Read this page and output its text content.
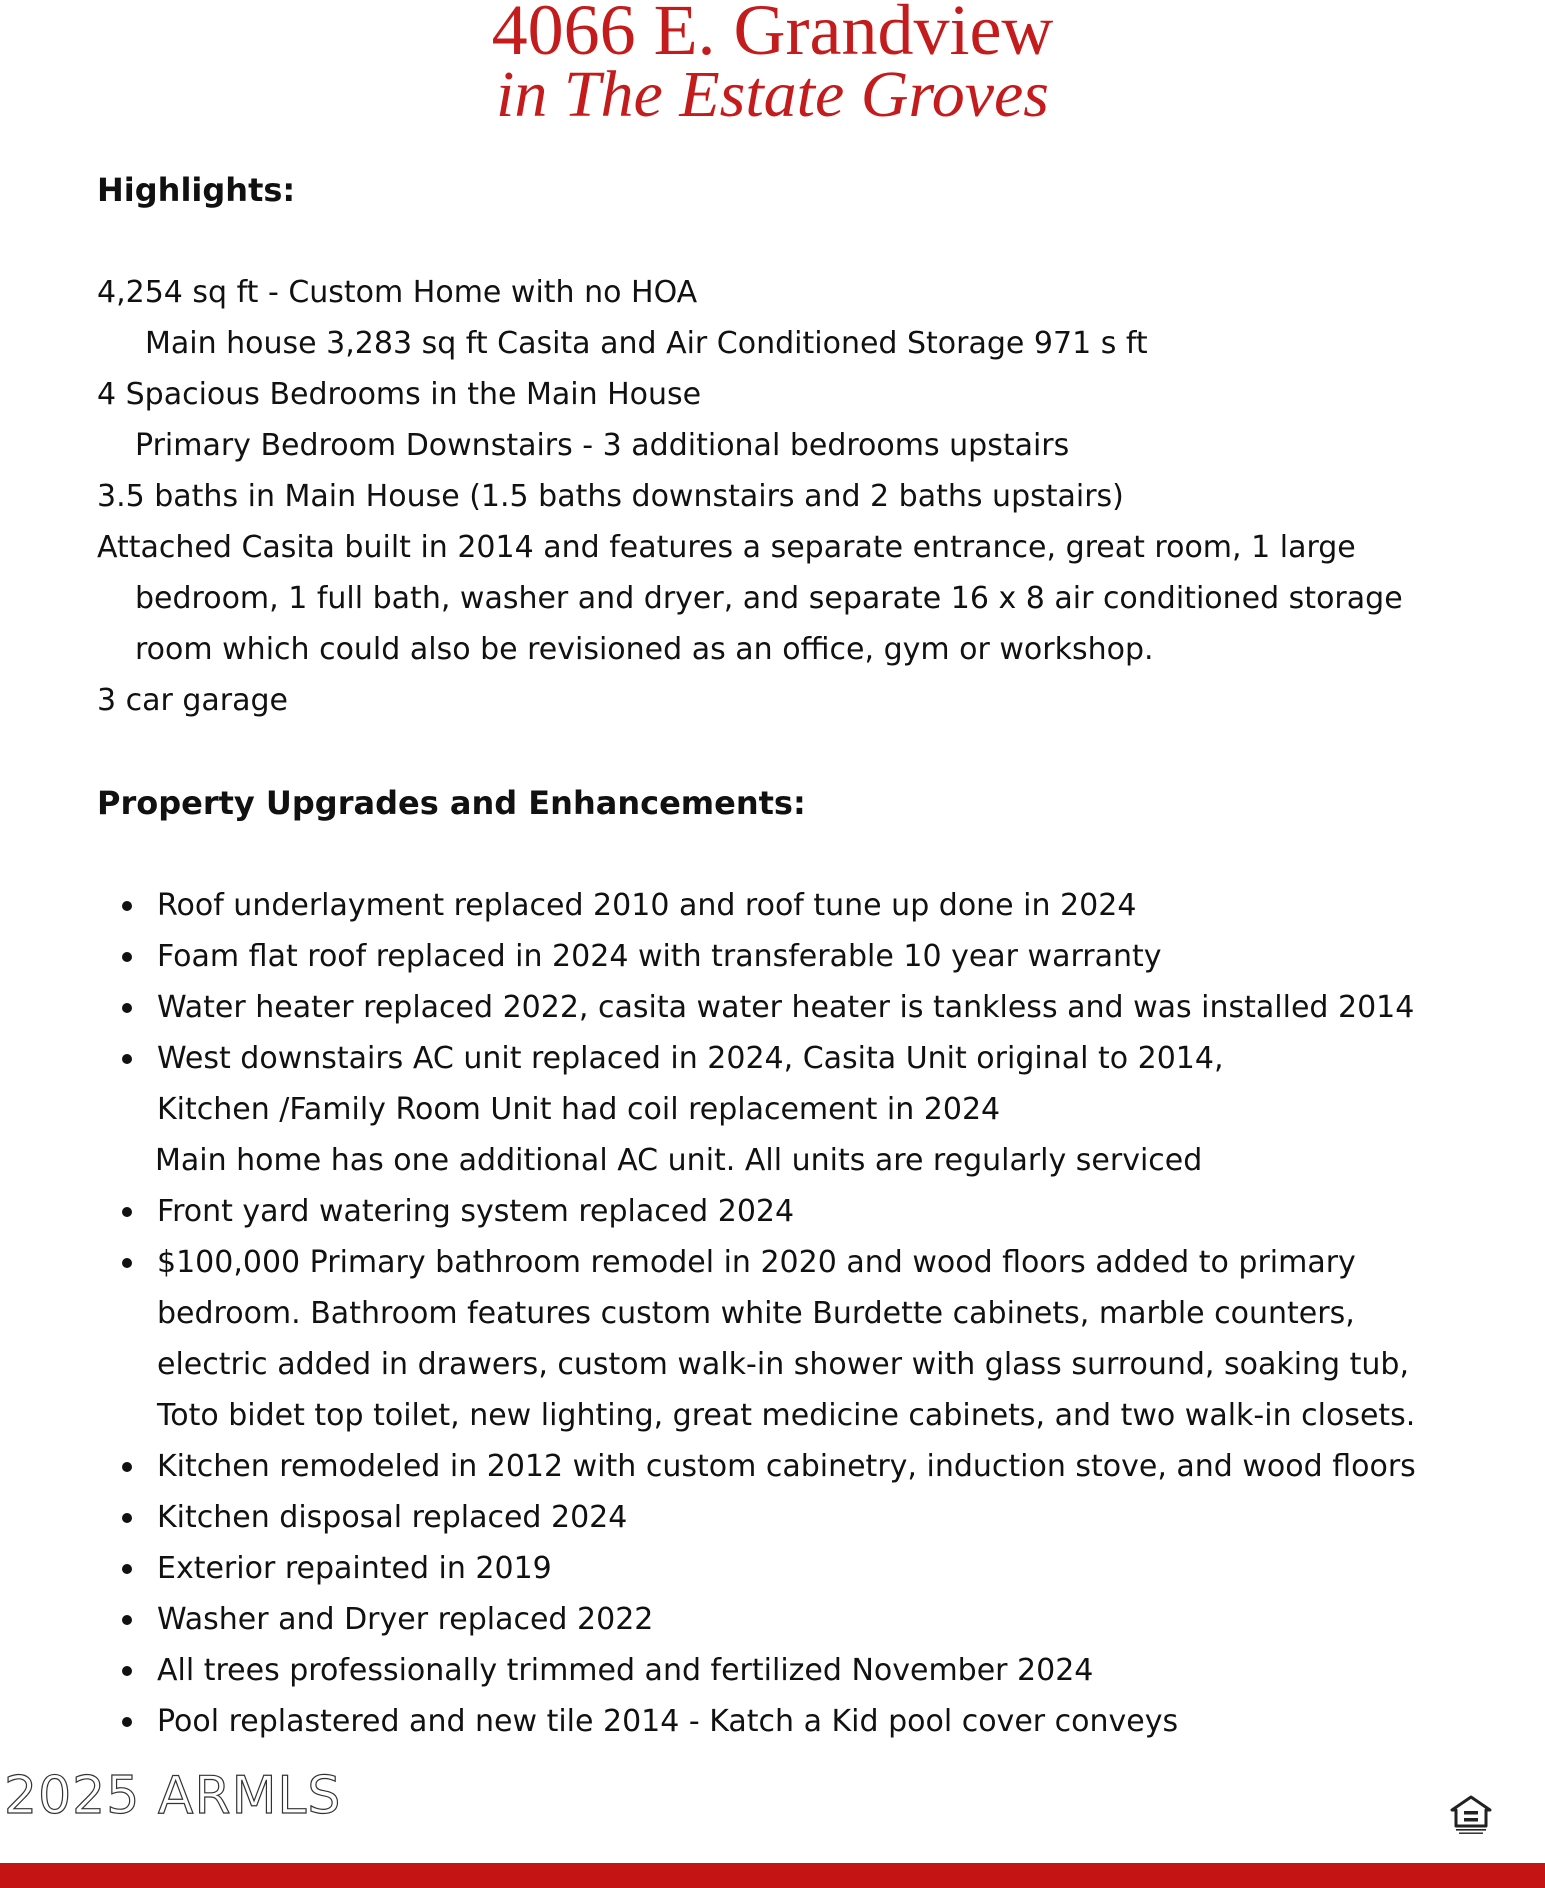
4066 E. Grandview
in The Estate Groves
Highlights:
4,254 sq ft - Custom Home with no HOA
Main house 3,283 sq ft Casita and Air Conditioned Storage 971 s ft
4 Spacious Bedrooms in the Main House
Primary Bedroom Downstairs - 3 additional bedrooms upstairs
3.5 baths in Main House (1.5 baths downstairs and 2 baths upstairs)
Attached Casita built in 2014 and features a separate entrance, great room, 1 large
bedroom, 1 full bath, washer and dryer, and separate 16 x 8 air conditioned storage
room which could also be revisioned as an office, gym or workshop.
3 car garage
Property Upgrades and Enhancements:
Roof underlayment replaced 2010 and roof tune up done in 2024
Foam flat roof replaced in 2024 with transferable 10 year warranty
Water heater replaced 2022, casita water heater is tankless and was installed 2014
West downstairs AC unit replaced in 2024, Casita Unit original to 2014,
Kitchen /Family Room Unit had coil replacement in 2024
Main home has one additional AC unit. All units are regularly serviced
Front yard watering system replaced 2024
$100,000 Primary bathroom remodel in 2020 and wood floors added to primary
bedroom. Bathroom features custom white Burdette cabinets, marble counters,
electric added in drawers, custom walk-in shower with glass surround, soaking tub,
Toto bidet top toilet, new lighting, great medicine cabinets, and two walk-in closets.
Kitchen remodeled in 2012 with custom cabinetry, induction stove, and wood floors
Kitchen disposal replaced 2024
Exterior repainted in 2019
Washer and Dryer replaced 2022
All trees professionally trimmed and fertilized November 2024
Pool replastered and new tile 2014 - Katch a Kid pool cover conveys
2025 ARMLS
